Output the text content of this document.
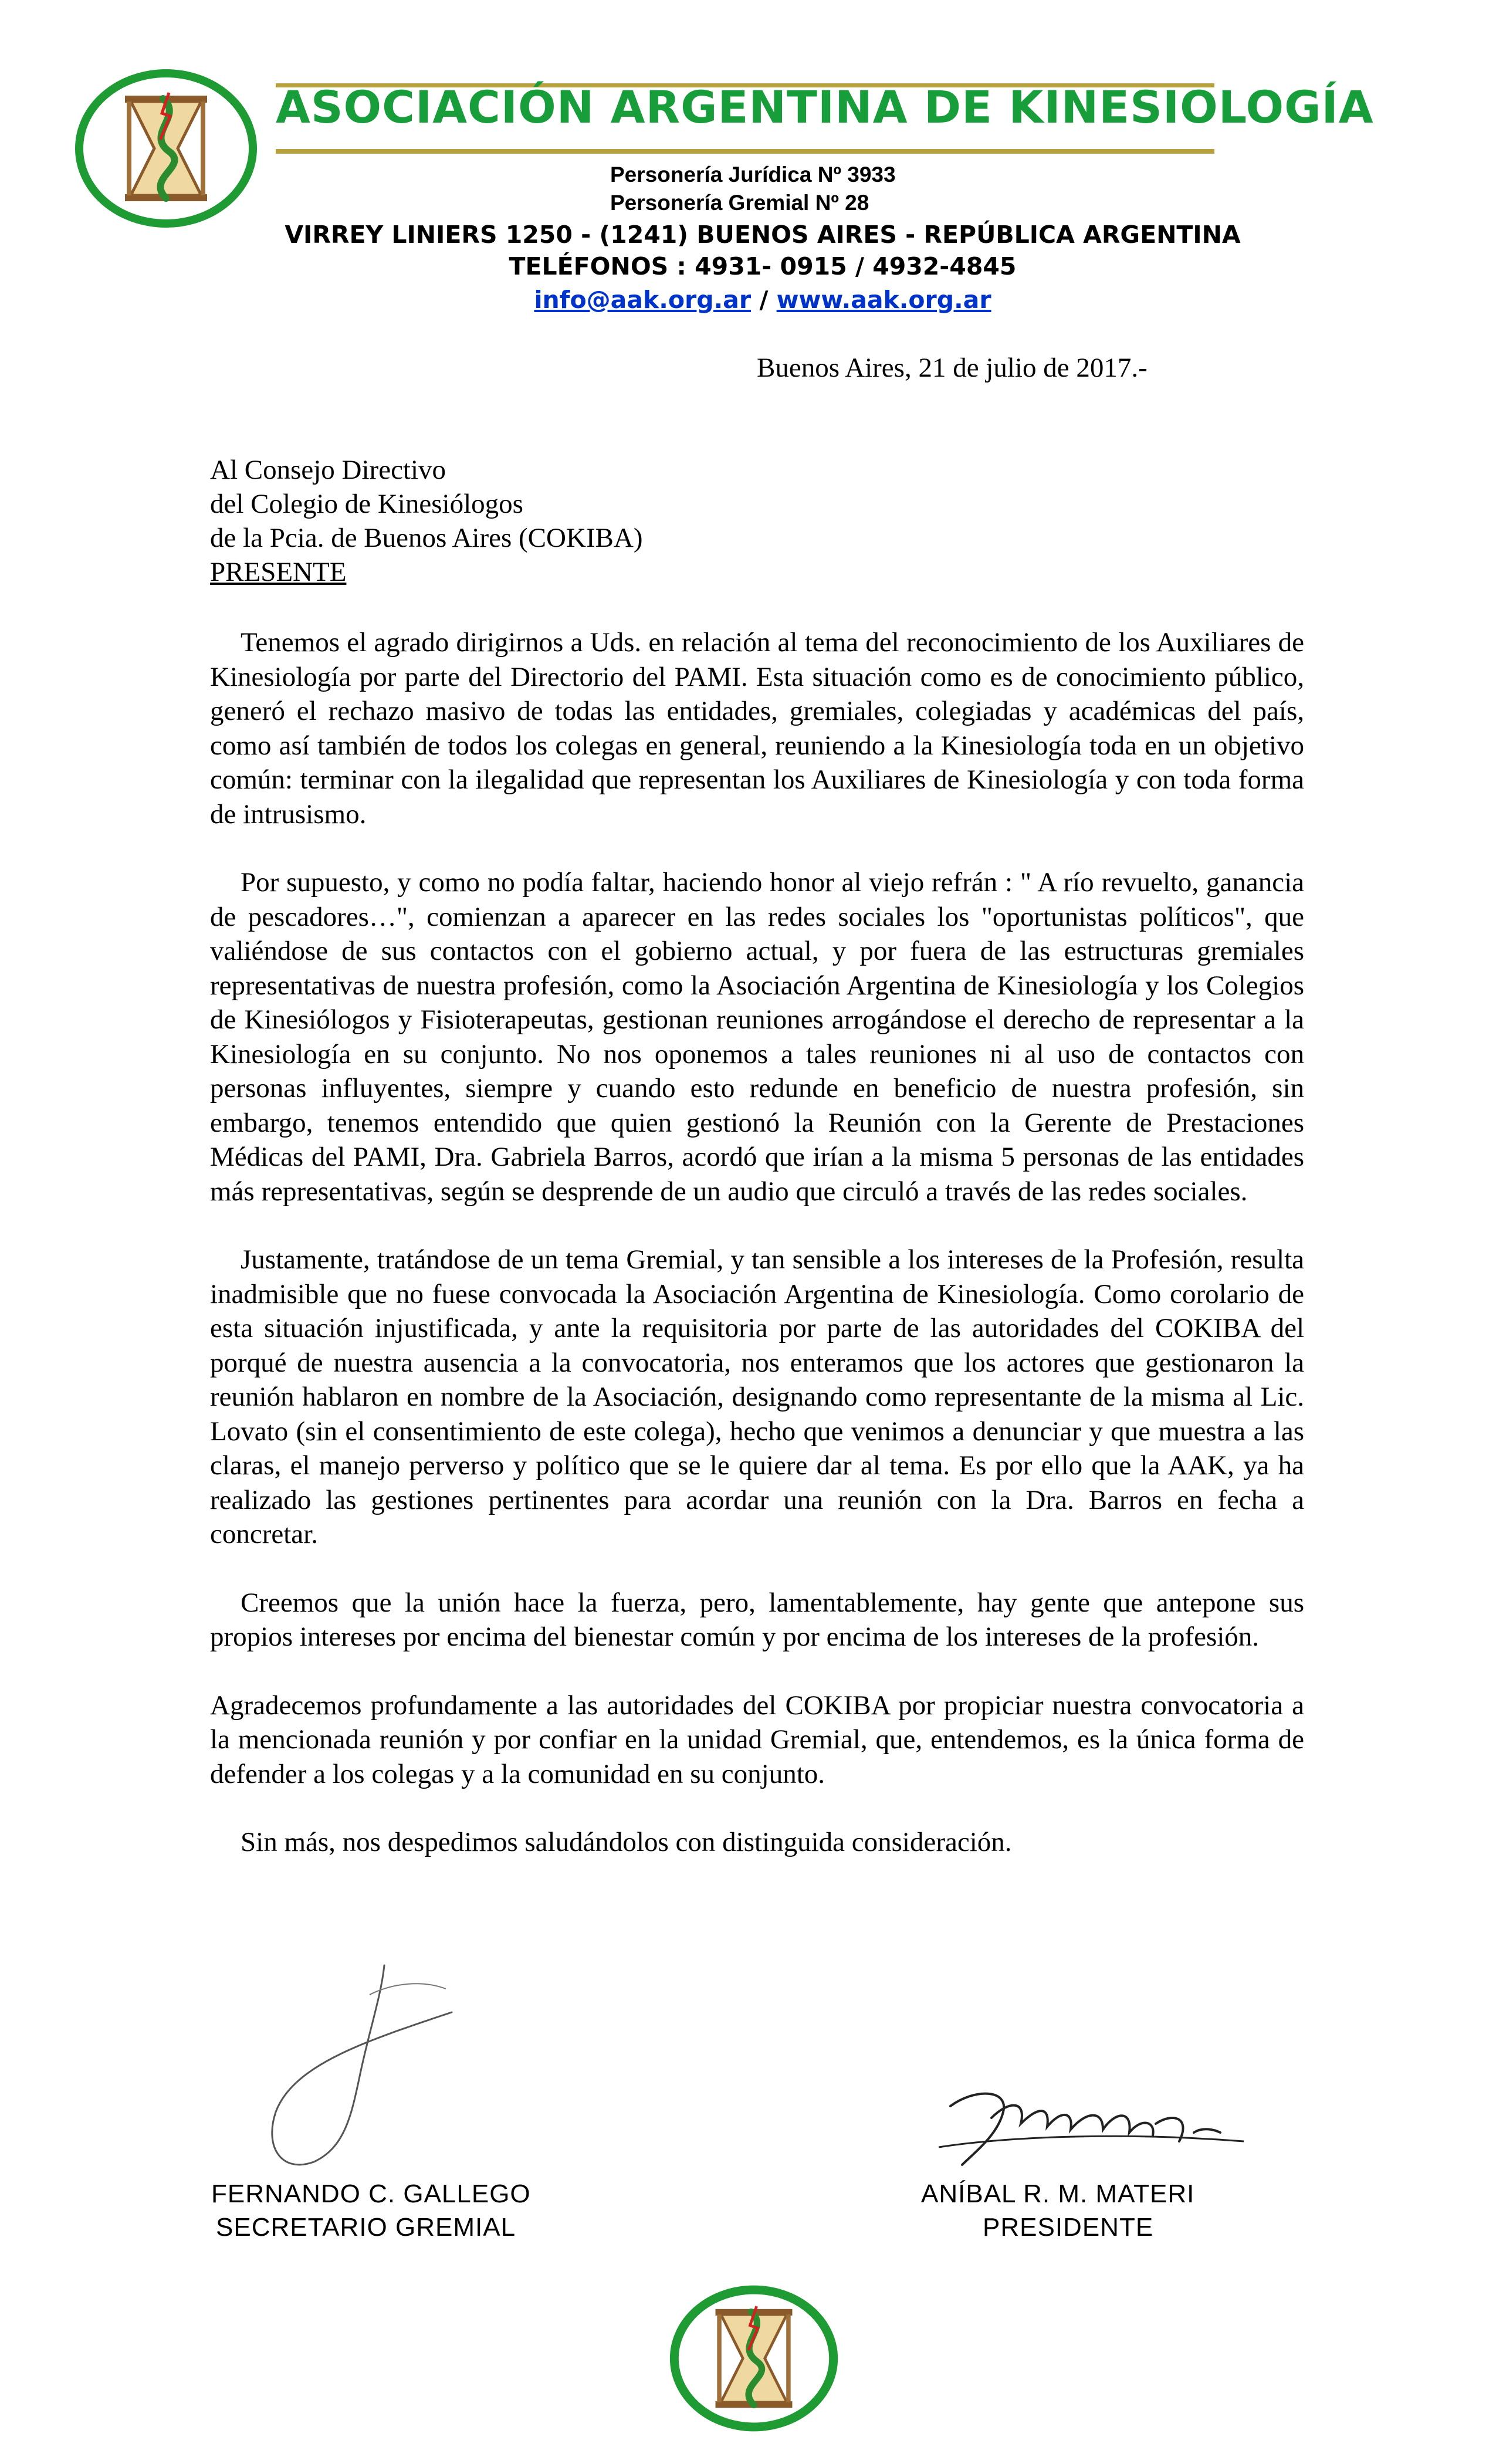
ASOCIACIÓN ARGENTINA DE KINESIOLOGÍA
Personería Jurídica Nº 3933
Personería Gremial Nº 28
VIRREY LINIERS 1250 - (1241) BUENOS AIRES - REPÚBLICA ARGENTINA
TELÉFONOS : 4931- 0915 / 4932-4845
info@aak.org.ar / www.aak.org.ar
Buenos Aires, 21 de julio de 2017.-
Al Consejo Directivo
del Colegio de Kinesiólogos
de la Pcia. de Buenos Aires (COKIBA)
PRESENTE

Tenemos el agrado dirigirnos a Uds. en relación al tema del reconocimiento de los Auxiliares de Kinesiología por parte del Directorio del PAMI. Esta situación como es de conocimiento público, generó el rechazo masivo de todas las entidades, gremiales, colegiadas y académicas del país, como así también de todos los colegas en general, reuniendo a la Kinesiología toda en un objetivo común: terminar con la ilegalidad que representan los Auxiliares de Kinesiología y con toda forma de intrusismo.

Por supuesto, y como no podía faltar, haciendo honor al viejo refrán : " A río revuelto, ganancia de pescadores…", comienzan a aparecer en las redes sociales los "oportunistas políticos", que valiéndose de sus contactos con el gobierno actual, y por fuera de las estructuras gremiales representativas de nuestra profesión, como la Asociación Argentina de Kinesiología y los Colegios de Kinesiólogos y Fisioterapeutas, gestionan reuniones arrogándose el derecho de representar a la Kinesiología en su conjunto. No nos oponemos a tales reuniones ni al uso de contactos con personas influyentes, siempre y cuando esto redunde en beneficio de nuestra profesión, sin embargo, tenemos entendido que quien gestionó la Reunión con la Gerente de Prestaciones Médicas del PAMI, Dra. Gabriela Barros, acordó que irían a la misma 5 personas de las entidades más representativas, según se desprende de un audio que circuló a través de las redes sociales.

Justamente, tratándose de un tema Gremial, y tan sensible a los intereses de la Profesión, resulta inadmisible que no fuese convocada la Asociación Argentina de Kinesiología. Como corolario de esta situación injustificada, y ante la requisitoria por parte de las autoridades del COKIBA del porqué de nuestra ausencia a la convocatoria, nos enteramos que los actores que gestionaron la reunión hablaron en nombre de la Asociación, designando como representante de la misma al Lic. Lovato (sin el consentimiento de este colega), hecho que venimos a denunciar y que muestra a las claras, el manejo perverso y político que se le quiere dar al tema. Es por ello que la AAK, ya ha realizado las gestiones pertinentes para acordar una reunión con la Dra. Barros en fecha a concretar.

Creemos que la unión hace la fuerza, pero, lamentablemente, hay gente que antepone sus propios intereses por encima del bienestar común y por encima de los intereses de la profesión.

Agradecemos profundamente a las autoridades del COKIBA por propiciar nuestra convocatoria a la mencionada reunión y por confiar en la unidad Gremial, que, entendemos, es la única forma de defender a los colegas y a la comunidad en su conjunto.

Sin más, nos despedimos saludándolos con distinguida consideración.

FERNANDO C. GALLEGO
SECRETARIO GREMIAL
ANÍBAL R. M. MATERI
PRESIDENTE
